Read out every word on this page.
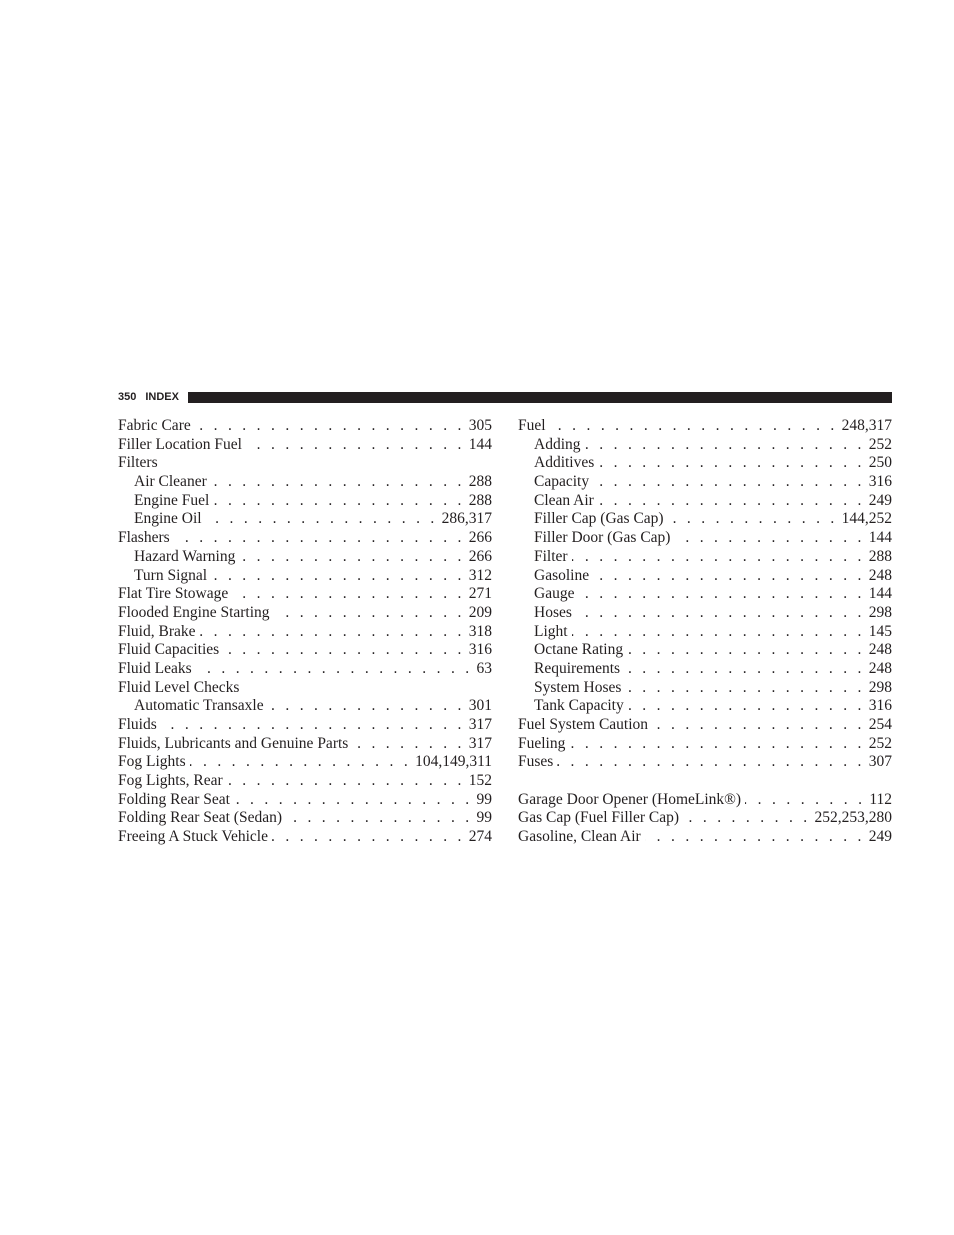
350 INDEX
Fabric Care . . .	305
Filler Location Fuel . . .	144
Filters
Air Cleaner . . .	288
Engine Fuel . . .	288
Engine Oil . . .	286,317
Flashers . . .	266
Hazard Warning . . .	266
Turn Signal . . .	312
Flat Tire Stowage . . .	271
Flooded Engine Starting . . .	209
Fluid, Brake . . .	318
Fluid Capacities . . .	316
Fluid Leaks . . .	63
Fluid Level Checks
Automatic Transaxle . . .	301
Fluids . . .	317
Fluids, Lubricants and Genuine Parts . . .	317
Fog Lights . . .	104,149,311
Fog Lights, Rear . . .	152
Folding Rear Seat . . .	99
Folding Rear Seat (Sedan) . . .	99
Freeing A Stuck Vehicle . . .	274
Fuel . . .	248,317
Adding . . .	252
Additives . . .	250
Capacity . . .	316
Clean Air . . .	249
Filler Cap (Gas Cap) . . .	144,252
Filler Door (Gas Cap) . . .	144
Filter . . .	288
Gasoline . . .	248
Gauge . . .	144
Hoses . . .	298
Light . . .	145
Octane Rating . . .	248
Requirements . . .	248
System Hoses . . .	298
Tank Capacity . . .	316
Fuel System Caution . . .	254
Fueling . . .	252
Fuses . . .	307
Garage Door Opener (HomeLink®) . . .	112
Gas Cap (Fuel Filler Cap) . . .	252,253,280
Gasoline, Clean Air . . .	249
